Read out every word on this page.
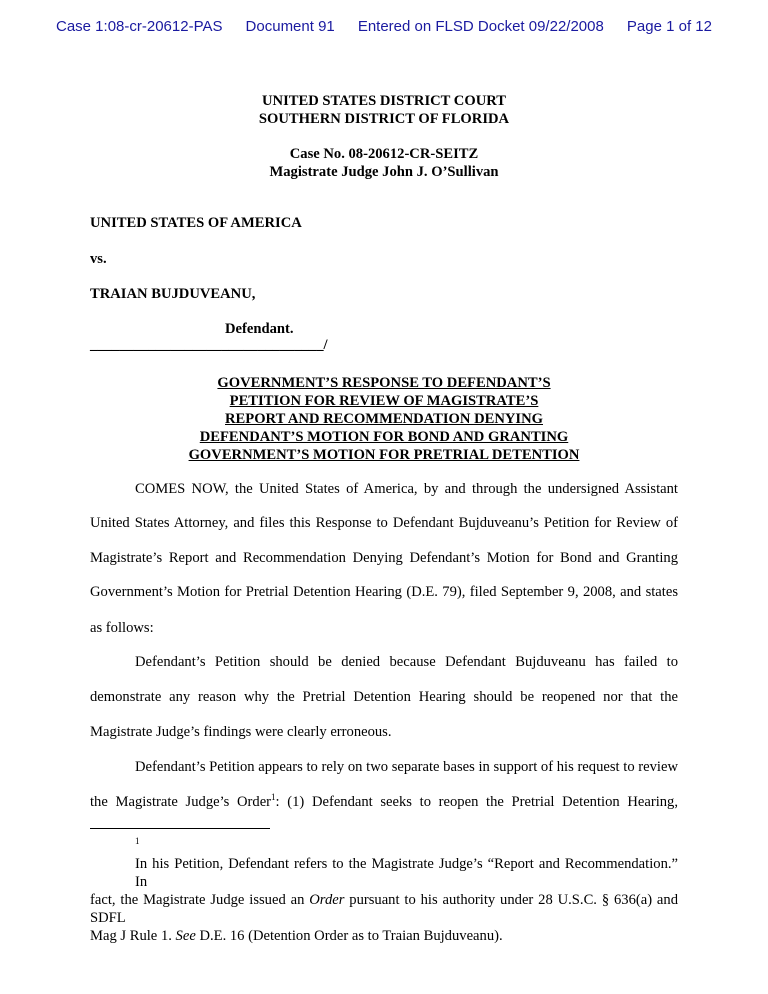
Case 1:08-cr-20612-PAS Document 91 Entered on FLSD Docket 09/22/2008 Page 1 of 12
UNITED STATES DISTRICT COURT
SOUTHERN DISTRICT OF FLORIDA
Case No. 08-20612-CR-SEITZ
Magistrate Judge John J. O’Sullivan
UNITED STATES OF AMERICA
vs.
TRAIAN BUJDUVEANU,
Defendant.
________________________________/
GOVERNMENT’S RESPONSE TO DEFENDANT’S
PETITION FOR REVIEW OF MAGISTRATE’S
REPORT AND RECOMMENDATION DENYING
DEFENDANT’S MOTION FOR BOND AND GRANTING
GOVERNMENT’S MOTION FOR PRETRIAL DETENTION
COMES NOW, the United States of America, by and through the undersigned Assistant
United States Attorney, and files this Response to Defendant Bujduveanu’s Petition for Review of
Magistrate’s Report and Recommendation Denying Defendant’s Motion for Bond and Granting
Government’s Motion for Pretrial Detention Hearing (D.E. 79), filed September 9, 2008, and states
as follows:
Defendant’s Petition should be denied because Defendant Bujduveanu has failed to
demonstrate any reason why the Pretrial Detention Hearing should be reopened nor that the
Magistrate Judge’s findings were clearly erroneous.
Defendant’s Petition appears to rely on two separate bases in support of his request to review
the Magistrate Judge’s Order$^1$: (1) Defendant seeks to reopen the Pretrial Detention Hearing,
1
In his Petition, Defendant refers to the Magistrate Judge’s “Report and Recommendation.” In
fact, the Magistrate Judge issued an Order pursuant to his authority under 28 U.S.C. § 636(a) and SDFL
Mag J Rule 1. See D.E. 16 (Detention Order as to Traian Bujduveanu).
